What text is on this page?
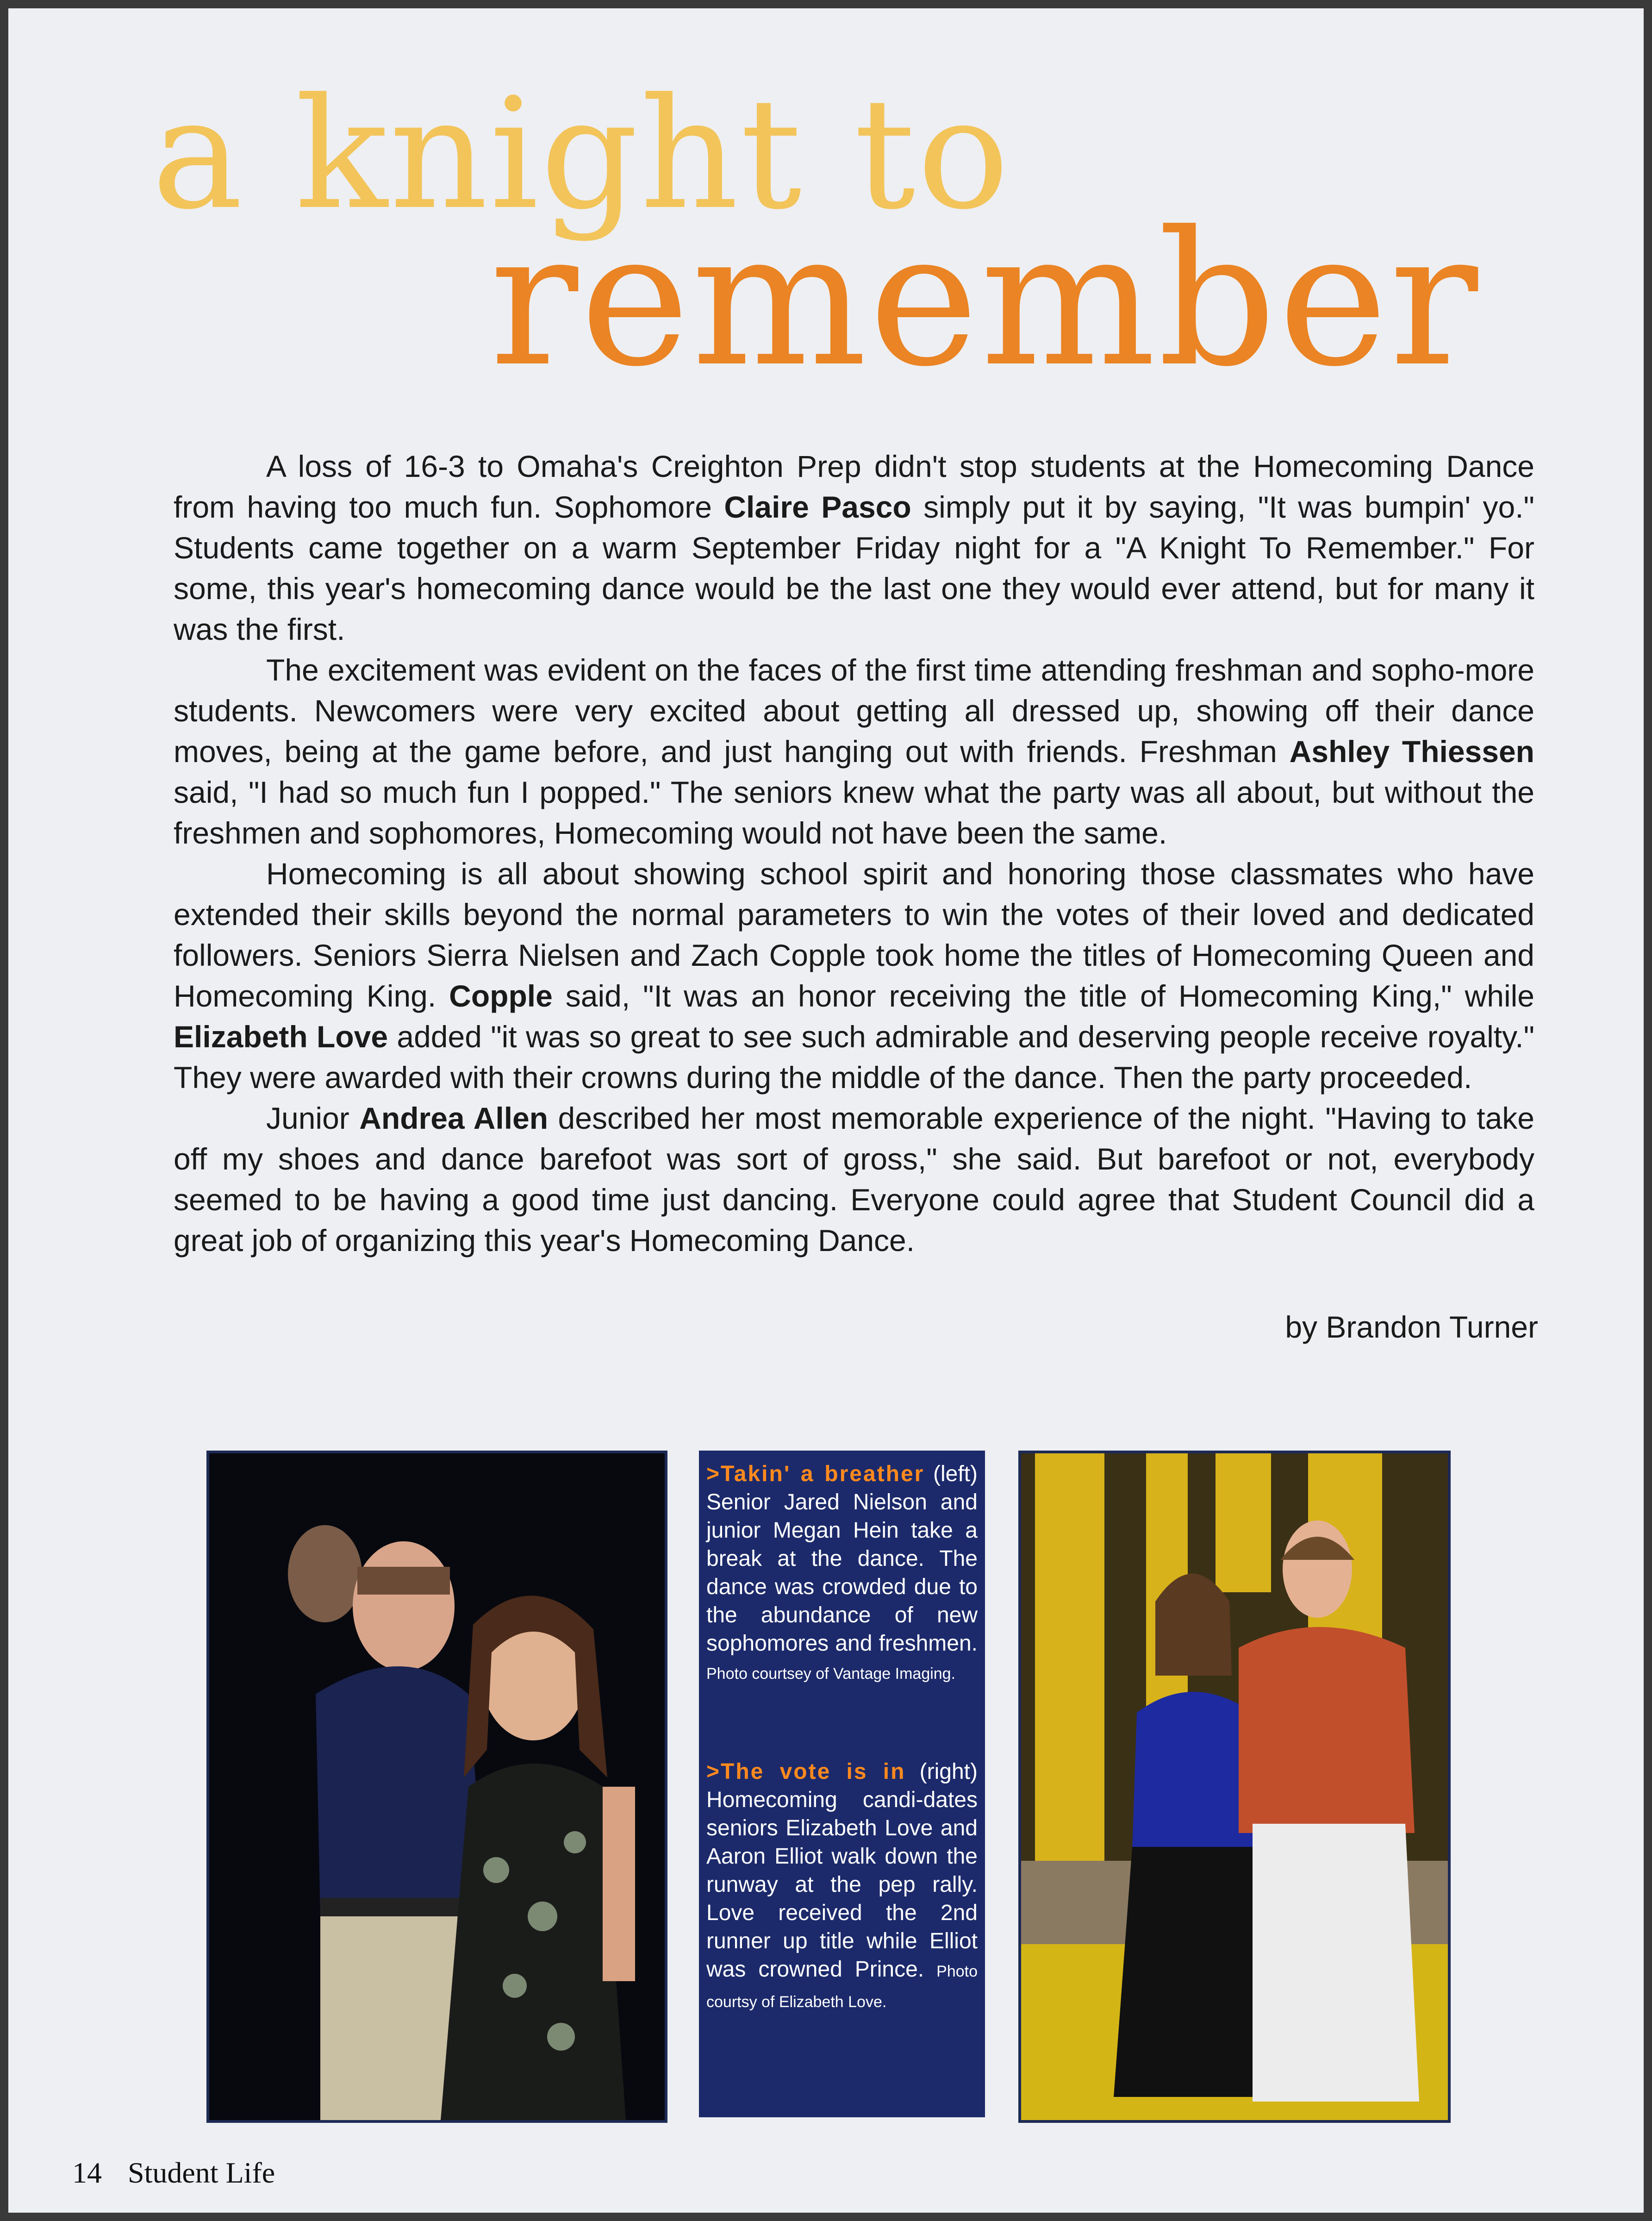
a knight to
remember

A loss of 16-3 to Omaha's Creighton Prep didn't stop students at the Homecoming Dance from having too much fun. Sophomore Claire Pasco simply put it by saying, "It was bumpin' yo." Students came together on a warm September Friday night for a "A Knight To Remember." For some, this year's homecoming dance would be the last one they would ever attend, but for many it was the first.

The excitement was evident on the faces of the first time attending freshman and sopho-more students. Newcomers were very excited about getting all dressed up, showing off their dance moves, being at the game before, and just hanging out with friends. Freshman Ashley Thiessen said, "I had so much fun I popped." The seniors knew what the party was all about, but without the freshmen and sophomores, Homecoming would not have been the same.

Homecoming is all about showing school spirit and honoring those classmates who have extended their skills beyond the normal parameters to win the votes of their loved and dedicated followers. Seniors Sierra Nielsen and Zach Copple took home the titles of Homecoming Queen and Homecoming King. Copple said, "It was an honor receiving the title of Homecoming King," while Elizabeth Love added "it was so great to see such admirable and deserving people receive royalty." They were awarded with their crowns during the middle of the dance. Then the party proceeded.

Junior Andrea Allen described her most memorable experience of the night. "Having to take off my shoes and dance barefoot was sort of gross," she said. But barefoot or not, everybody seemed to be having a good time just dancing. Everyone could agree that Student Council did a great job of organizing this year's Homecoming Dance.

by Brandon Turner
>Takin' a breather (left) Senior Jared Nielson and junior Megan Hein take a break at the dance. The dance was crowded due to the abundance of new sophomores and freshmen. Photo courtsey of Vantage Imaging.
>The vote is in (right) Homecoming candi-dates seniors Elizabeth Love and Aaron Elliot walk down the runway at the pep rally. Love received the 2nd runner up title while Elliot was crowned Prince. Photo courtsy of Elizabeth Love.
14 Student Life
